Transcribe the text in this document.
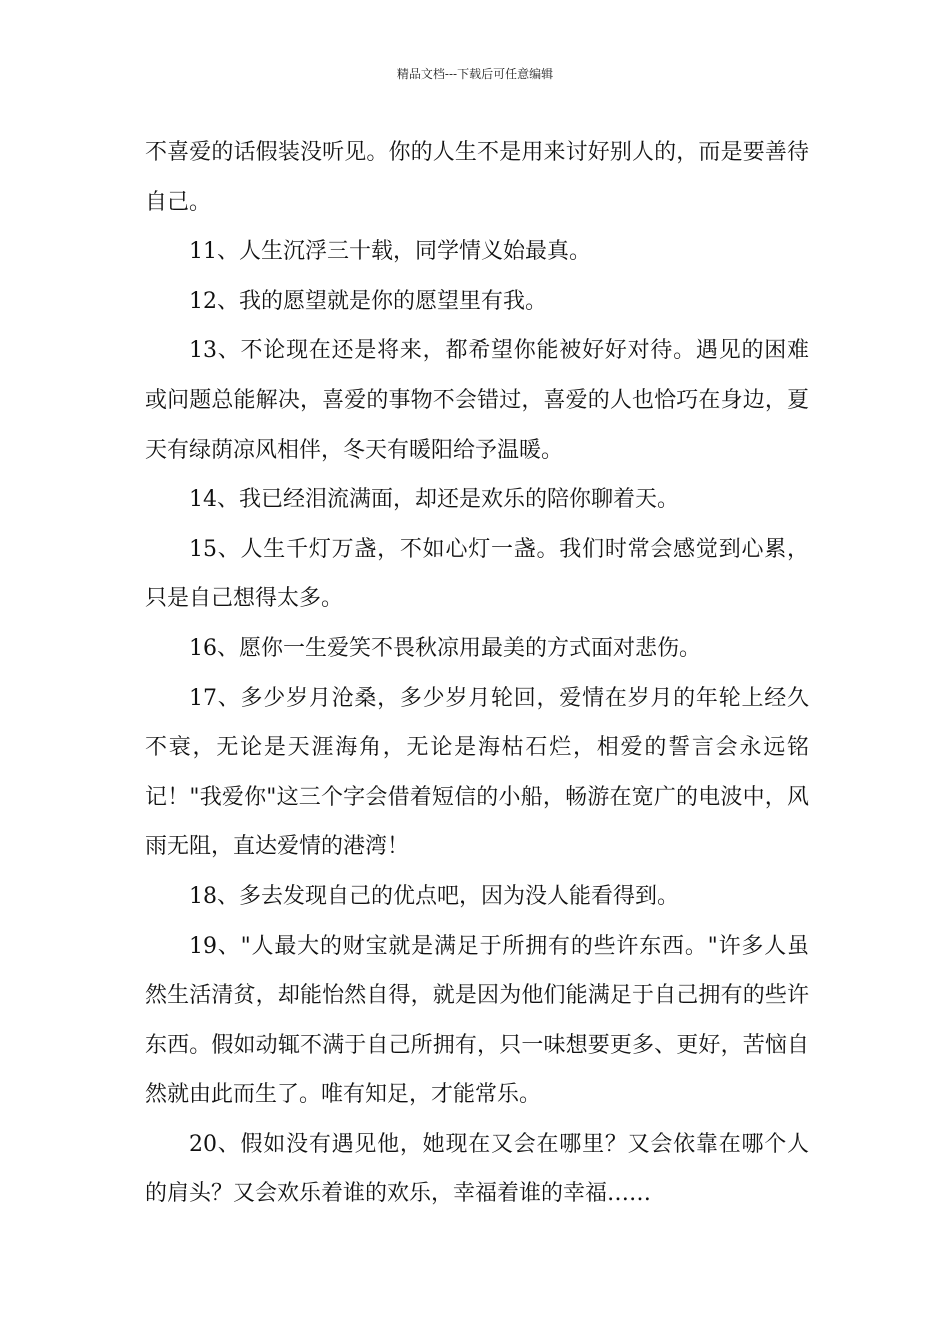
精品文档---下载后可任意编辑

不喜爱的话假装没听见。你的人生不是用来讨好别人的，而是要善待自己。

11、人生沉浮三十载，同学情义始最真。

12、我的愿望就是你的愿望里有我。

13、不论现在还是将来，都希望你能被好好对待。遇见的困难或问题总能解决，喜爱的事物不会错过，喜爱的人也恰巧在身边，夏天有绿荫凉风相伴，冬天有暖阳给予温暖。

14、我已经泪流满面，却还是欢乐的陪你聊着天。

15、人生千灯万盏，不如心灯一盏。我们时常会感觉到心累，只是自己想得太多。

16、愿你一生爱笑不畏秋凉用最美的方式面对悲伤。

17、多少岁月沧桑，多少岁月轮回，爱情在岁月的年轮上经久不衰，无论是天涯海角，无论是海枯石烂，相爱的誓言会永远铭记！"我爱你"这三个字会借着短信的小船，畅游在宽广的电波中，风雨无阻，直达爱情的港湾！

18、多去发现自己的优点吧，因为没人能看得到。

19、"人最大的财宝就是满足于所拥有的些许东西。"许多人虽然生活清贫，却能怡然自得，就是因为他们能满足于自己拥有的些许东西。假如动辄不满于自己所拥有，只一味想要更多、更好，苦恼自然就由此而生了。唯有知足，才能常乐。

20、假如没有遇见他，她现在又会在哪里？又会依靠在哪个人的肩头？又会欢乐着谁的欢乐，幸福着谁的幸福……
